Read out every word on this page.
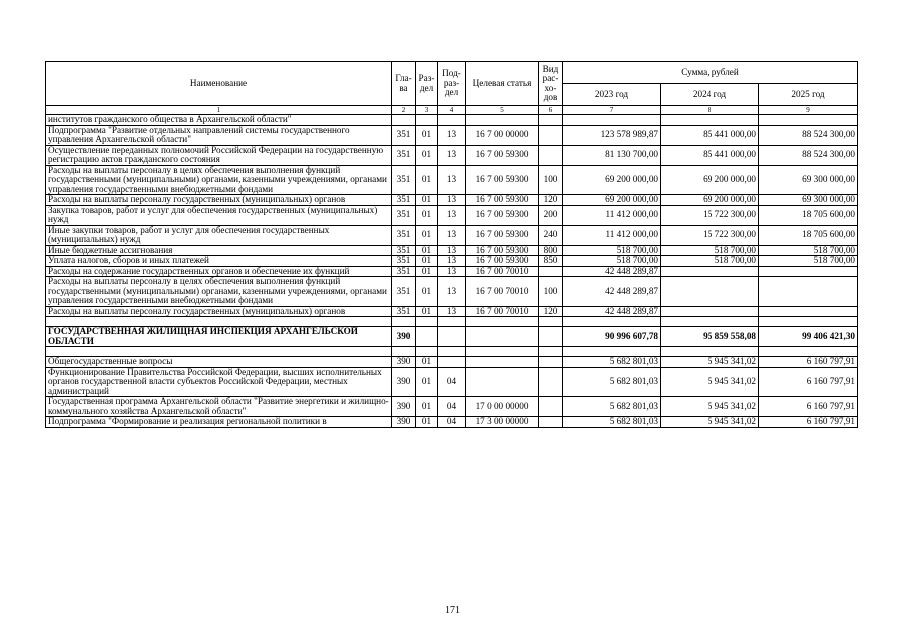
Наименование	Гла-ва	Раз-дел	Под-раз-дел	Целевая статья	Вид рас-хо-дов	Сумма, рублей		
						2023 год	2024 год	2025 год
1	2	3	4	5	6	7	8	9
институтов гражданского общества в Архангельской области"								
Подпрограмма "Развитие отдельных направлений системы государственного управления Архангельской области"	351	01	13	16 7 00 00000		123 578 989,87	85 441 000,00	88 524 300,00
Осуществление переданных полномочий Российской Федерации на государственную регистрацию актов гражданского состояния	351	01	13	16 7 00 59300		81 130 700,00	85 441 000,00	88 524 300,00
Расходы на выплаты персоналу в целях обеспечения выполнения функций государственными (муниципальными) органами, казенными учреждениями, органами управления государственными внебюджетными фондами	351	01	13	16 7 00 59300	100	69 200 000,00	69 200 000,00	69 300 000,00
Расходы на выплаты персоналу государственных (муниципальных) органов	351	01	13	16 7 00 59300	120	69 200 000,00	69 200 000,00	69 300 000,00
Закупка товаров, работ и услуг для обеспечения государственных (муниципальных) нужд	351	01	13	16 7 00 59300	200	11 412 000,00	15 722 300,00	18 705 600,00
Иные закупки товаров, работ и услуг для обеспечения государственных (муниципальных) нужд	351	01	13	16 7 00 59300	240	11 412 000,00	15 722 300,00	18 705 600,00
Иные бюджетные ассигнования	351	01	13	16 7 00 59300	800	518 700,00	518 700,00	518 700,00
Уплата налогов, сборов и иных платежей	351	01	13	16 7 00 59300	850	518 700,00	518 700,00	518 700,00
Расходы на содержание государственных органов и обеспечение их функций	351	01	13	16 7 00 70010		42 448 289,87		
Расходы на выплаты персоналу в целях обеспечения выполнения функций государственными (муниципальными) органами, казенными учреждениями, органами управления государственными внебюджетными фондами	351	01	13	16 7 00 70010	100	42 448 289,87		
Расходы на выплаты персоналу государственных (муниципальных) органов	351	01	13	16 7 00 70010	120	42 448 289,87		

ГОСУДАРСТВЕННАЯ ЖИЛИЩНАЯ ИНСПЕКЦИЯ АРХАНГЕЛЬСКОЙ ОБЛАСТИ	390					90 996 607,78	95 859 558,08	99 406 421,30

Общегосударственные вопросы	390	01				5 682 801,03	5 945 341,02	6 160 797,91
Функционирование Правительства Российской Федерации, высших исполнительных органов государственной власти субъектов Российской Федерации, местных администраций	390	01	04			5 682 801,03	5 945 341,02	6 160 797,91
Государственная программа Архангельской области "Развитие энергетики и жилищно-коммунального хозяйства Архангельской области"	390	01	04	17 0 00 00000		5 682 801,03	5 945 341,02	6 160 797,91
Подпрограмма "Формирование и реализация региональной политики в	390	01	04	17 3 00 00000		5 682 801,03	5 945 341,02	6 160 797,91
171
